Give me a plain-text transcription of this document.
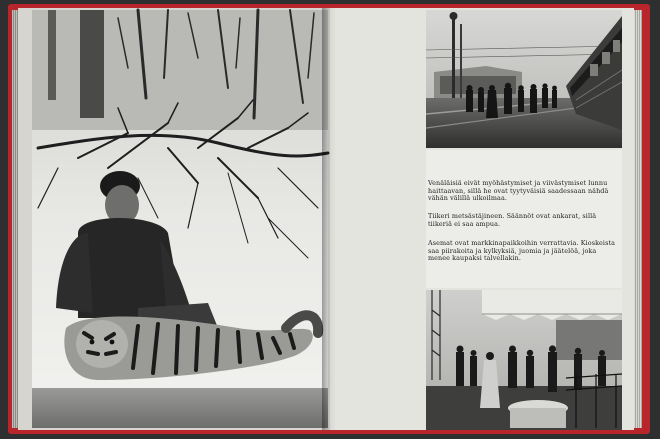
Venäläisiä eivät myöhästymiset ja viivästymiset lunnu haittaavan, sillä he ovat tyytyväisiä saadessaan nähdä vähän välillä ulkoilmaa.

Tiikeri metsästäjineen. Säännöt ovat ankarat, sillä tiikeriä ei saa ampua.

Asemat ovat markkinapaikkoihin verrattavia. Kioskeista saa piirakoita ja kylkyksiä, juomia ja jäätelöä, joka menee kaupaksi talvellakin.
